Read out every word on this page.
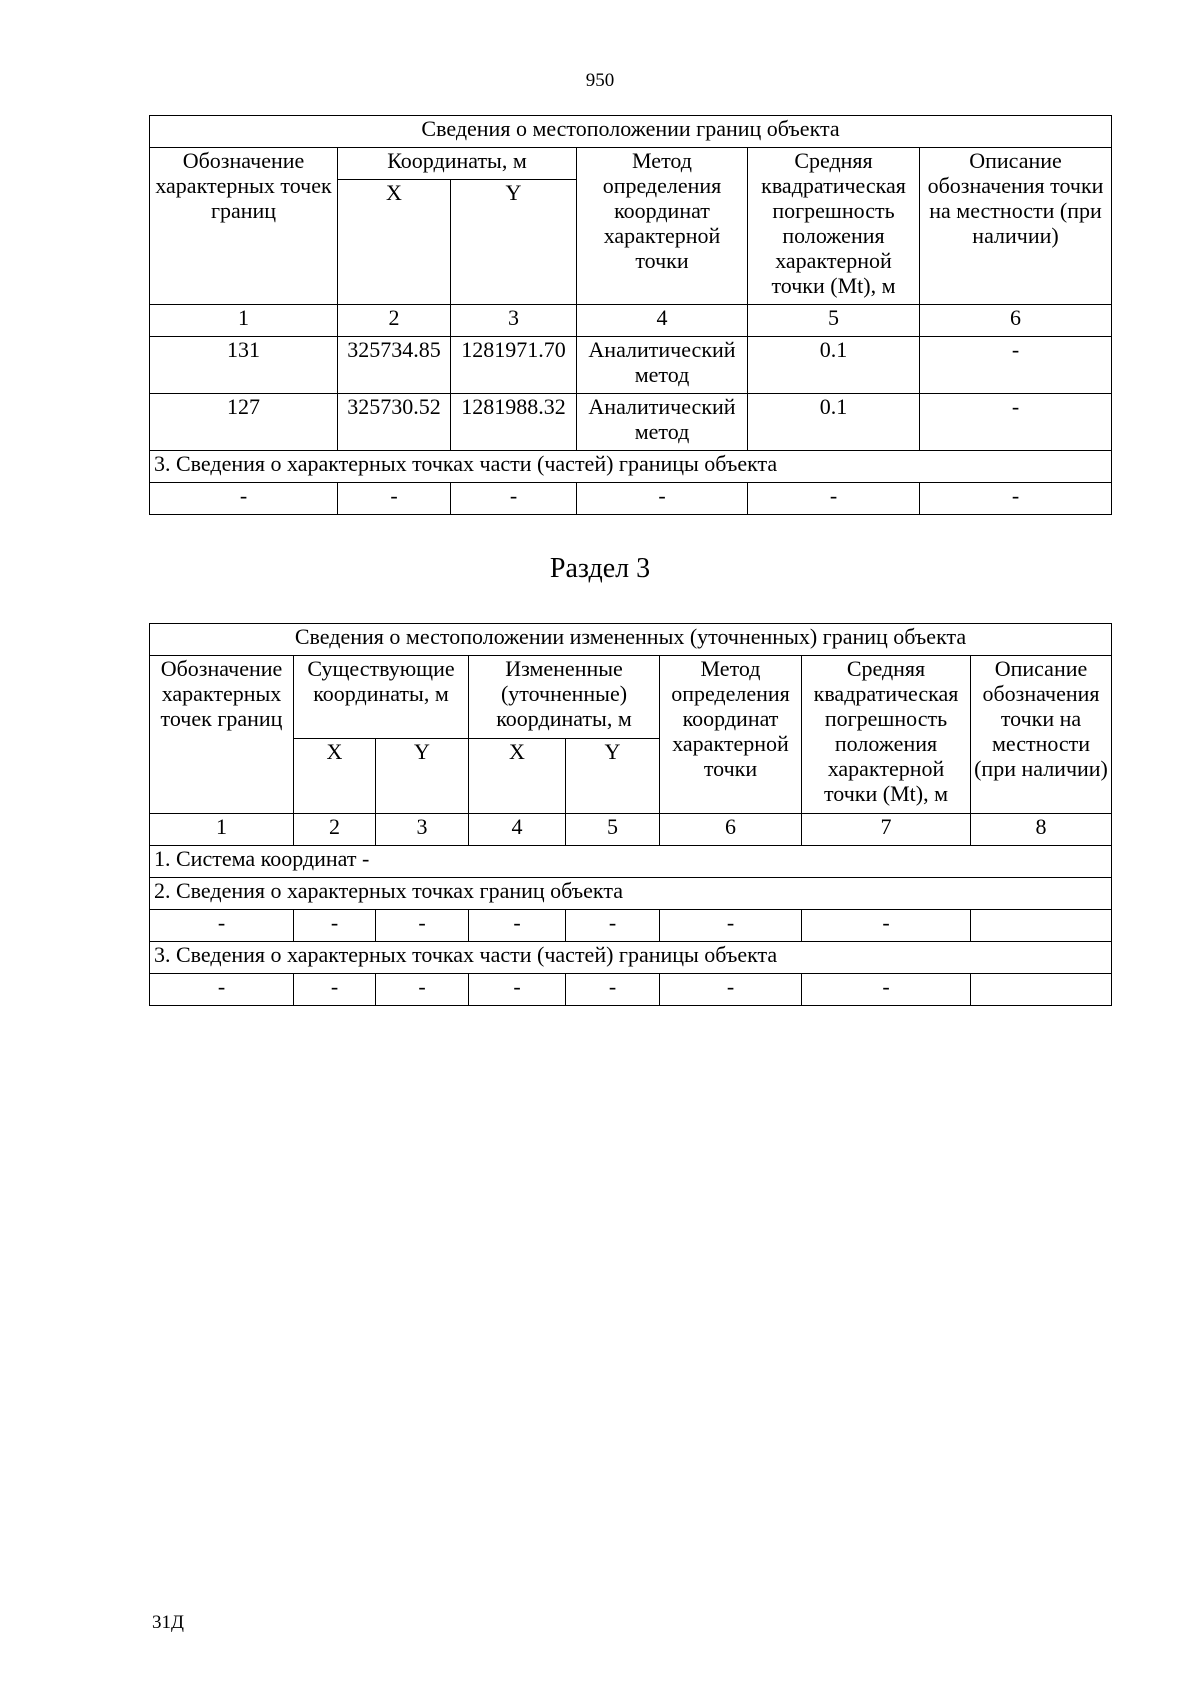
950
Сведения о местоположении границ объекта					
Обозначение характерных точек границ	Координаты, м		Метод определения координат характерной точки	Средняя квадратическая погрешность положения характерной точки (Mt), м	Описание обозначения точки на местности (при наличии)
	X	Y			
1	2	3	4	5	6
131	325734.85	1281971.70	Аналитический метод	0.1	-
127	325730.52	1281988.32	Аналитический метод	0.1	-
3. Сведения о характерных точках части (частей) границы объекта					
-	-	-	-	-	-
Раздел 3
Сведения о местоположении измененных (уточненных) границ объекта							
Обозначение характерных точек границ	Существующие координаты, м		Измененные (уточненные) координаты, м		Метод определения координат характерной точки	Средняя квадратическая погрешность положения характерной точки (Mt), м	Описание обозначения точки на местности (при наличии)
	X	Y	X	Y			
1	2	3	4	5	6	7	8
1. Система координат -							
2. Сведения о характерных точках границ объекта							
-	-	-	-	-	-	-	
3. Сведения о характерных точках части (частей) границы объекта							
-	-	-	-	-	-	-	
31Д
